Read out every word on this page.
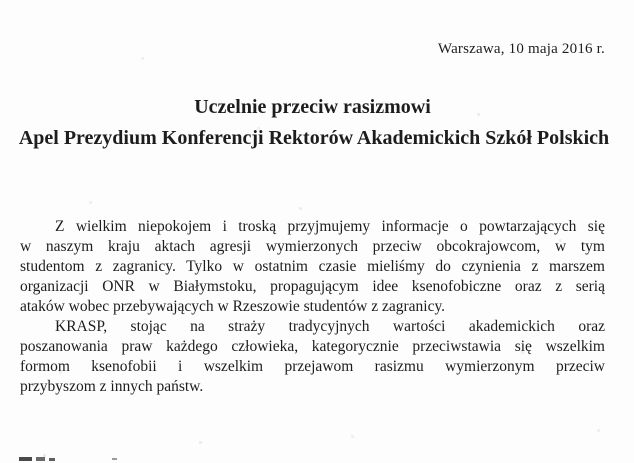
Warszawa, 10 maja 2016 r.
Uczelnie przeciw rasizmowi
Apel Prezydium Konferencji Rektorów Akademickich Szkół Polskich
Z wielkim niepokojem i troską przyjmujemy informacje o powtarzających się
w naszym kraju aktach agresji wymierzonych przeciw obcokrajowcom, w tym
studentom z zagranicy. Tylko w ostatnim czasie mieliśmy do czynienia z marszem
organizacji ONR w Białymstoku, propagującym idee ksenofobiczne oraz z serią
ataków wobec przebywających w Rzeszowie studentów z zagranicy.
KRASP, stojąc na straży tradycyjnych wartości akademickich oraz
poszanowania praw każdego człowieka, kategorycznie przeciwstawia się wszelkim
formom ksenofobii i wszelkim przejawom rasizmu wymierzonym przeciw
przybyszom z innych państw.
